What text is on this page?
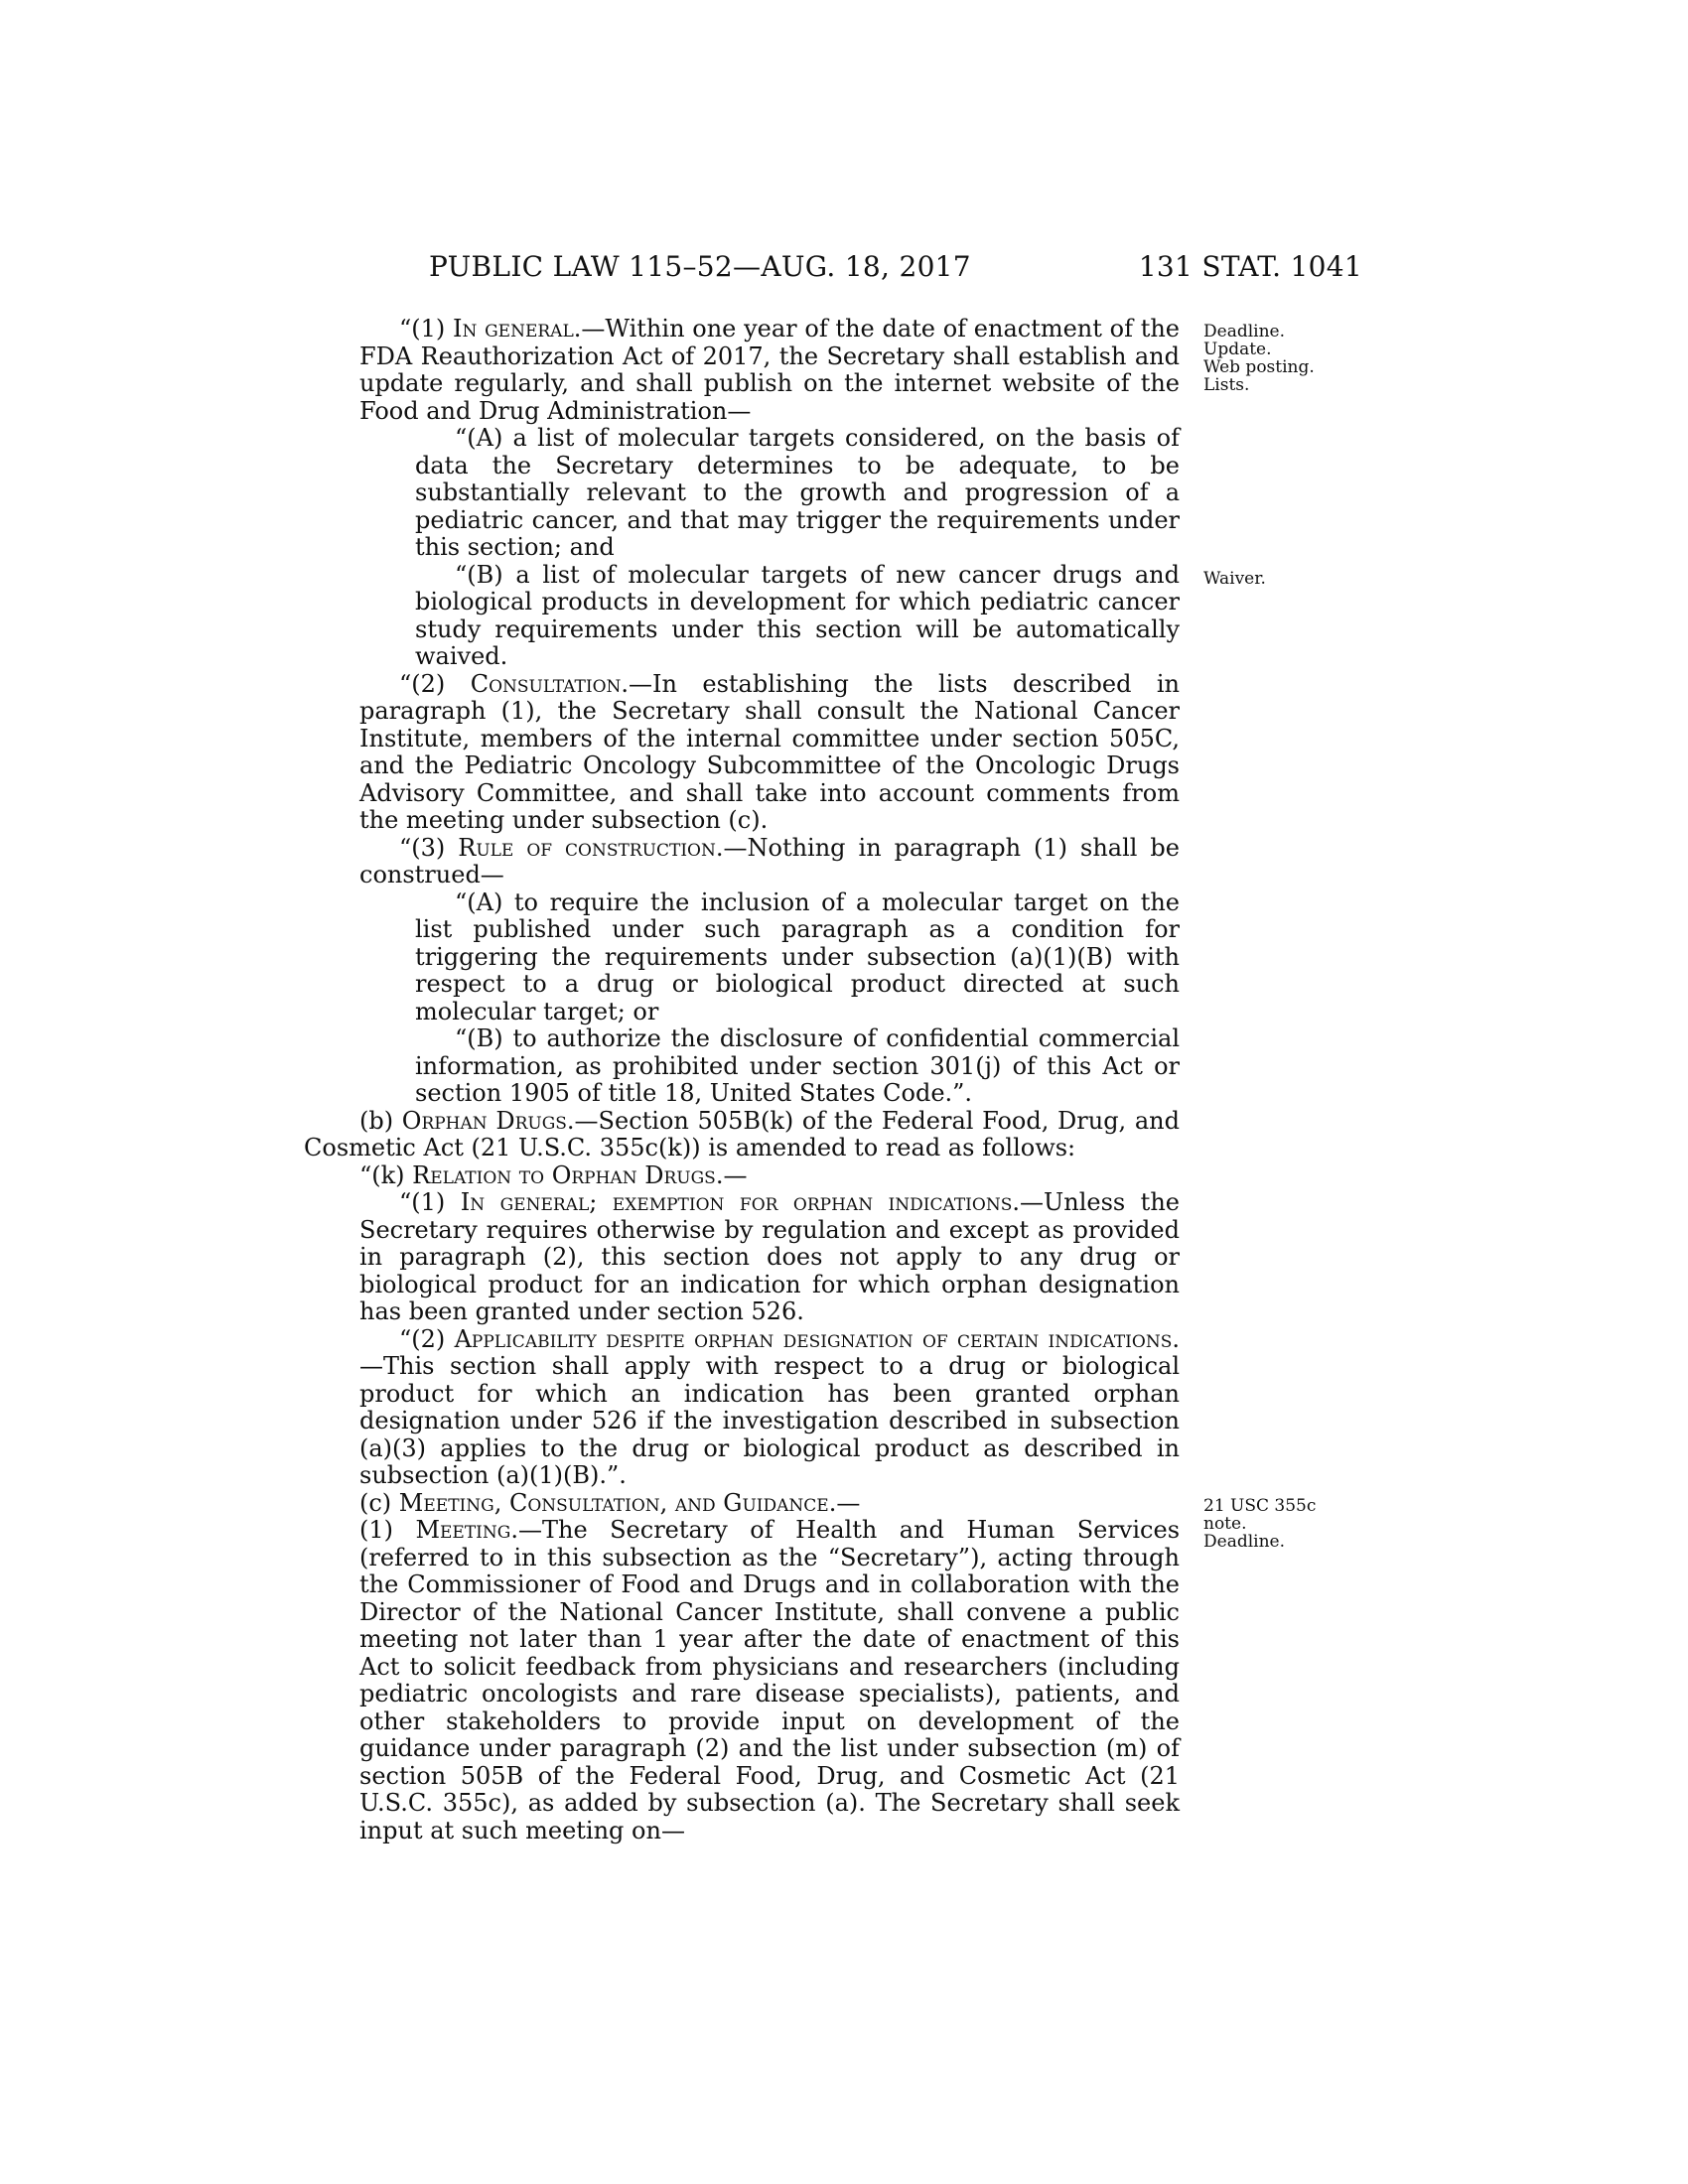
PUBLIC LAW 115–52—AUG. 18, 2017	131 STAT. 1041

“(1) In general.—Within one year of the date of enactment of the FDA Reauthorization Act of 2017, the Secretary shall establish and update regularly, and shall publish on the internet website of the Food and Drug Administration—

“(A) a list of molecular targets considered, on the basis of data the Secretary determines to be adequate, to be substantially relevant to the growth and progression of a pediatric cancer, and that may trigger the requirements under this section; and

“(B) a list of molecular targets of new cancer drugs and biological products in development for which pediatric cancer study requirements under this section will be automatically waived.

“(2) Consultation.—In establishing the lists described in paragraph (1), the Secretary shall consult the National Cancer Institute, members of the internal committee under section 505C, and the Pediatric Oncology Subcommittee of the Oncologic Drugs Advisory Committee, and shall take into account comments from the meeting under subsection (c).

“(3) Rule of construction.—Nothing in paragraph (1) shall be construed—

“(A) to require the inclusion of a molecular target on the list published under such paragraph as a condition for triggering the requirements under subsection (a)(1)(B) with respect to a drug or biological product directed at such molecular target; or

“(B) to authorize the disclosure of confidential commercial information, as prohibited under section 301(j) of this Act or section 1905 of title 18, United States Code.”.

(b) Orphan Drugs.—Section 505B(k) of the Federal Food, Drug, and Cosmetic Act (21 U.S.C. 355c(k)) is amended to read as follows:

“(k) Relation to Orphan Drugs.—

“(1) In general; exemption for orphan indications.—Unless the Secretary requires otherwise by regulation and except as provided in paragraph (2), this section does not apply to any drug or biological product for an indication for which orphan designation has been granted under section 526.

“(2) Applicability despite orphan designation of certain indications.—This section shall apply with respect to a drug or biological product for which an indication has been granted orphan designation under 526 if the investigation described in subsection (a)(3) applies to the drug or biological product as described in subsection (a)(1)(B).”.

(c) Meeting, Consultation, and Guidance.—

(1) Meeting.—The Secretary of Health and Human Services (referred to in this subsection as the “Secretary”), acting through the Commissioner of Food and Drugs and in collaboration with the Director of the National Cancer Institute, shall convene a public meeting not later than 1 year after the date of enactment of this Act to solicit feedback from physicians and researchers (including pediatric oncologists and rare disease specialists), patients, and other stakeholders to provide input on development of the guidance under paragraph (2) and the list under subsection (m) of section 505B of the Federal Food, Drug, and Cosmetic Act (21 U.S.C. 355c), as added by subsection (a). The Secretary shall seek input at such meeting on—

Deadline.
Update.
Web posting.
Lists.
Waiver.
21 USC 355c
note.
Deadline.
